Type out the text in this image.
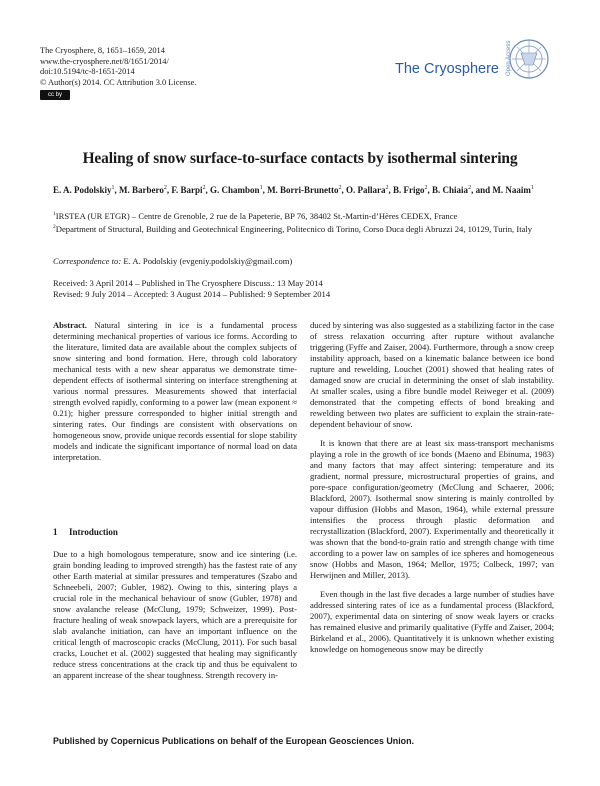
The Cryosphere, 8, 1651–1659, 2014
www.the-cryosphere.net/8/1651/2014/
doi:10.5194/tc-8-1651-2014
© Author(s) 2014. CC Attribution 3.0 License.
cc by
The Cryosphere Open Access
Healing of snow surface-to-surface contacts by isothermal sintering
E. A. Podolskiy$^1$, M. Barbero$^2$, F. Barpi$^2$, G. Chambon$^1$, M. Borri-Brunetto$^2$, O. Pallara$^2$, B. Frigo$^2$, B. Chiaia$^2$, and M. Naaim$^1$
$^1$IRSTEA (UR ETGR) – Centre de Grenoble, 2 rue de la Papeterie, BP 76, 38402 St.-Martin-d’Hères CEDEX, France
$^2$Department of Structural, Building and Geotechnical Engineering, Politecnico di Torino, Corso Duca degli Abruzzi 24, 10129, Turin, Italy
Correspondence to: E. A. Podolskiy (evgeniy.podolskiy@gmail.com)
Received: 3 April 2014 – Published in The Cryosphere Discuss.: 13 May 2014
Revised: 9 July 2014 – Accepted: 3 August 2014 – Published: 9 September 2014

Abstract. Natural sintering in ice is a fundamental process determining mechanical properties of various ice forms. According to the literature, limited data are available about the complex subjects of snow sintering and bond formation. Here, through cold laboratory mechanical tests with a new shear apparatus we demonstrate time-dependent effects of isothermal sintering on interface strengthening at various normal pressures. Measurements showed that interfacial strength evolved rapidly, conforming to a power law (mean exponent ≈ 0.21); higher pressure corresponded to higher initial strength and sintering rates. Our findings are consistent with observations on homogeneous snow, provide unique records essential for slope stability models and indicate the significant importance of normal load on data interpretation.

1 Introduction
Due to a high homologous temperature, snow and ice sintering (i.e. grain bonding leading to improved strength) has the fastest rate of any other Earth material at similar pressures and temperatures (Szabo and Schneebeli, 2007; Gubler, 1982). Owing to this, sintering plays a crucial role in the mechanical behaviour of snow (Gubler, 1978) and snow avalanche release (McClung, 1979; Schweizer, 1999). Post-fracture healing of weak snowpack layers, which are a prerequisite for slab avalanche initiation, can have an important influence on the critical length of macroscopic cracks (McClung, 2011). For such basal cracks, Louchet et al. (2002) suggested that healing may significantly reduce stress concentrations at the crack tip and thus be equivalent to an apparent increase of the shear toughness. Strength recovery in-

duced by sintering was also suggested as a stabilizing factor in the case of stress relaxation occurring after rupture without avalanche triggering (Fyffe and Zaiser, 2004). Furthermore, through a snow creep instability approach, based on a kinematic balance between ice bond rupture and rewelding, Louchet (2001) showed that healing rates of damaged snow are crucial in determining the onset of slab instability. At smaller scales, using a fibre bundle model Reiweger et al. (2009) demonstrated that the competing effects of bond breaking and rewelding between two plates are sufficient to explain the strain-rate-dependent behaviour of snow.

It is known that there are at least six mass-transport mechanisms playing a role in the growth of ice bonds (Maeno and Ebinuma, 1983) and many factors that may affect sintering: temperature and its gradient, normal pressure, microstructural properties of grains, and pore-space configuration/geometry (McClung and Schaerer, 2006; Blackford, 2007). Isothermal snow sintering is mainly controlled by vapour diffusion (Hobbs and Mason, 1964), while external pressure intensifies the process through plastic deformation and recrystallization (Blackford, 2007). Experimentally and theoretically it was shown that the bond-to-grain ratio and strength change with time according to a power law on samples of ice spheres and homogeneous snow (Hobbs and Mason, 1964; Mellor, 1975; Colbeck, 1997; van Herwijnen and Miller, 2013).

Even though in the last five decades a large number of studies have addressed sintering rates of ice as a fundamental process (Blackford, 2007), experimental data on sintering of snow weak layers or cracks has remained elusive and primarily qualitative (Fyffe and Zaiser, 2004; Birkeland et al., 2006). Quantitatively it is unknown whether existing knowledge on homogeneous snow may be directly

Published by Copernicus Publications on behalf of the European Geosciences Union.
